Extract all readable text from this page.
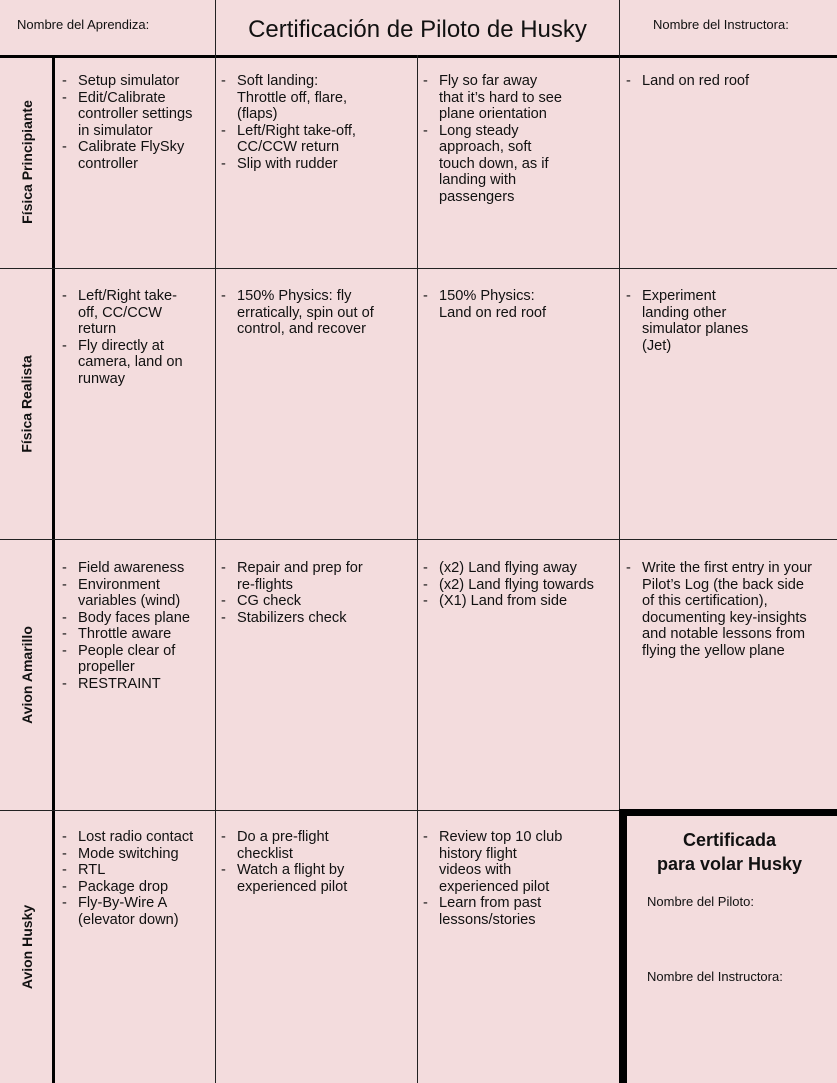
Nombre del Aprendiza:	Certificación de Piloto de Husky	Nombre del Instructora:
Física Principiante
Física Realista
Avion Amarillo
Avion Husky
- Setup simulator
- Edit/Calibrate controller settings in simulator
- Calibrate FlySky controller
- Soft landing: Throttle off, flare, (flaps)
- Left/Right take-off, CC/CCW return
- Slip with rudder
- Fly so far away that it’s hard to see plane orientation
- Long steady approach, soft touch down, as if landing with passengers
- Land on red roof
- Left/Right take-off, CC/CCW return
- Fly directly at camera, land on runway
- 150% Physics: fly erratically, spin out of control, and recover
- 150% Physics: Land on red roof
- Experiment landing other simulator planes (Jet)
- Field awareness
- Environment variables (wind)
- Body faces plane
- Throttle aware
- People clear of propeller
- RESTRAINT
- Repair and prep for re-flights
- CG check
- Stabilizers check
- (x2) Land flying away
- (x2) Land flying towards
- (X1) Land from side
- Write the first entry in your Pilot’s Log (the back side of this certification), documenting key-insights and notable lessons from flying the yellow plane
- Lost radio contact
- Mode switching
- RTL
- Package drop
- Fly-By-Wire A (elevator down)
- Do a pre-flight checklist
- Watch a flight by experienced pilot
- Review top 10 club history flight videos with experienced pilot
- Learn from past lessons/stories
Certificada
para volar Husky
Nombre del Piloto:
Nombre del Instructora:
